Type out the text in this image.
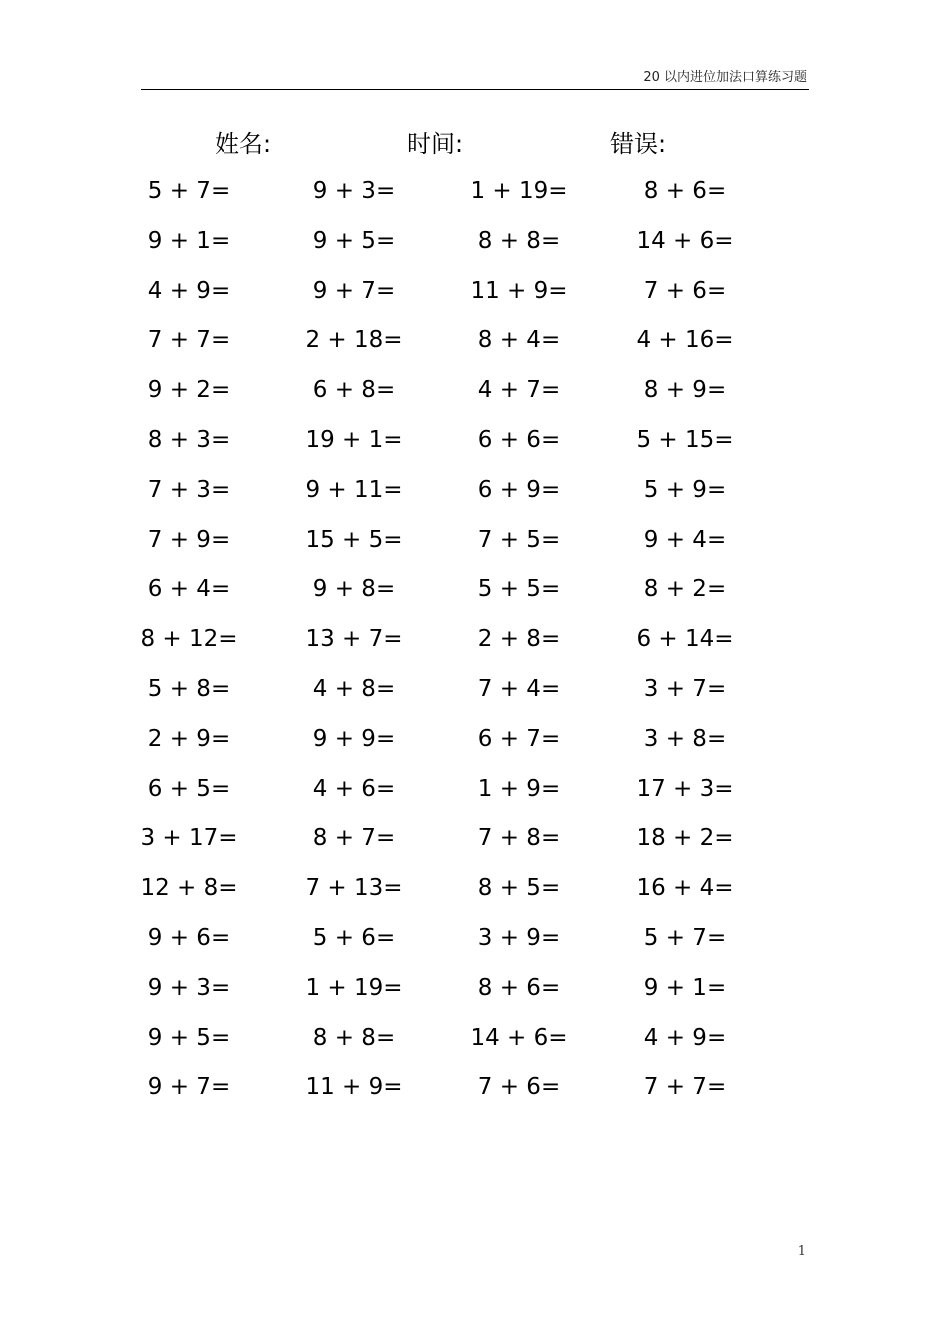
20 以内进位加法口算练习题
姓名:	时间:	错误:
5 + 7=	9 + 3=	1 + 19=	8 + 6=
9 + 1=	9 + 5=	8 + 8=	14 + 6=
4 + 9=	9 + 7=	11 + 9=	7 + 6=
7 + 7=	2 + 18=	8 + 4=	4 + 16=
9 + 2=	6 + 8=	4 + 7=	8 + 9=
8 + 3=	19 + 1=	6 + 6=	5 + 15=
7 + 3=	9 + 11=	6 + 9=	5 + 9=
7 + 9=	15 + 5=	7 + 5=	9 + 4=
6 + 4=	9 + 8=	5 + 5=	8 + 2=
8 + 12=	13 + 7=	2 + 8=	6 + 14=
5 + 8=	4 + 8=	7 + 4=	3 + 7=
2 + 9=	9 + 9=	6 + 7=	3 + 8=
6 + 5=	4 + 6=	1 + 9=	17 + 3=
3 + 17=	8 + 7=	7 + 8=	18 + 2=
12 + 8=	7 + 13=	8 + 5=	16 + 4=
9 + 6=	5 + 6=	3 + 9=	5 + 7=
9 + 3=	1 + 19=	8 + 6=	9 + 1=
9 + 5=	8 + 8=	14 + 6=	4 + 9=
9 + 7=	11 + 9=	7 + 6=	7 + 7=
1
